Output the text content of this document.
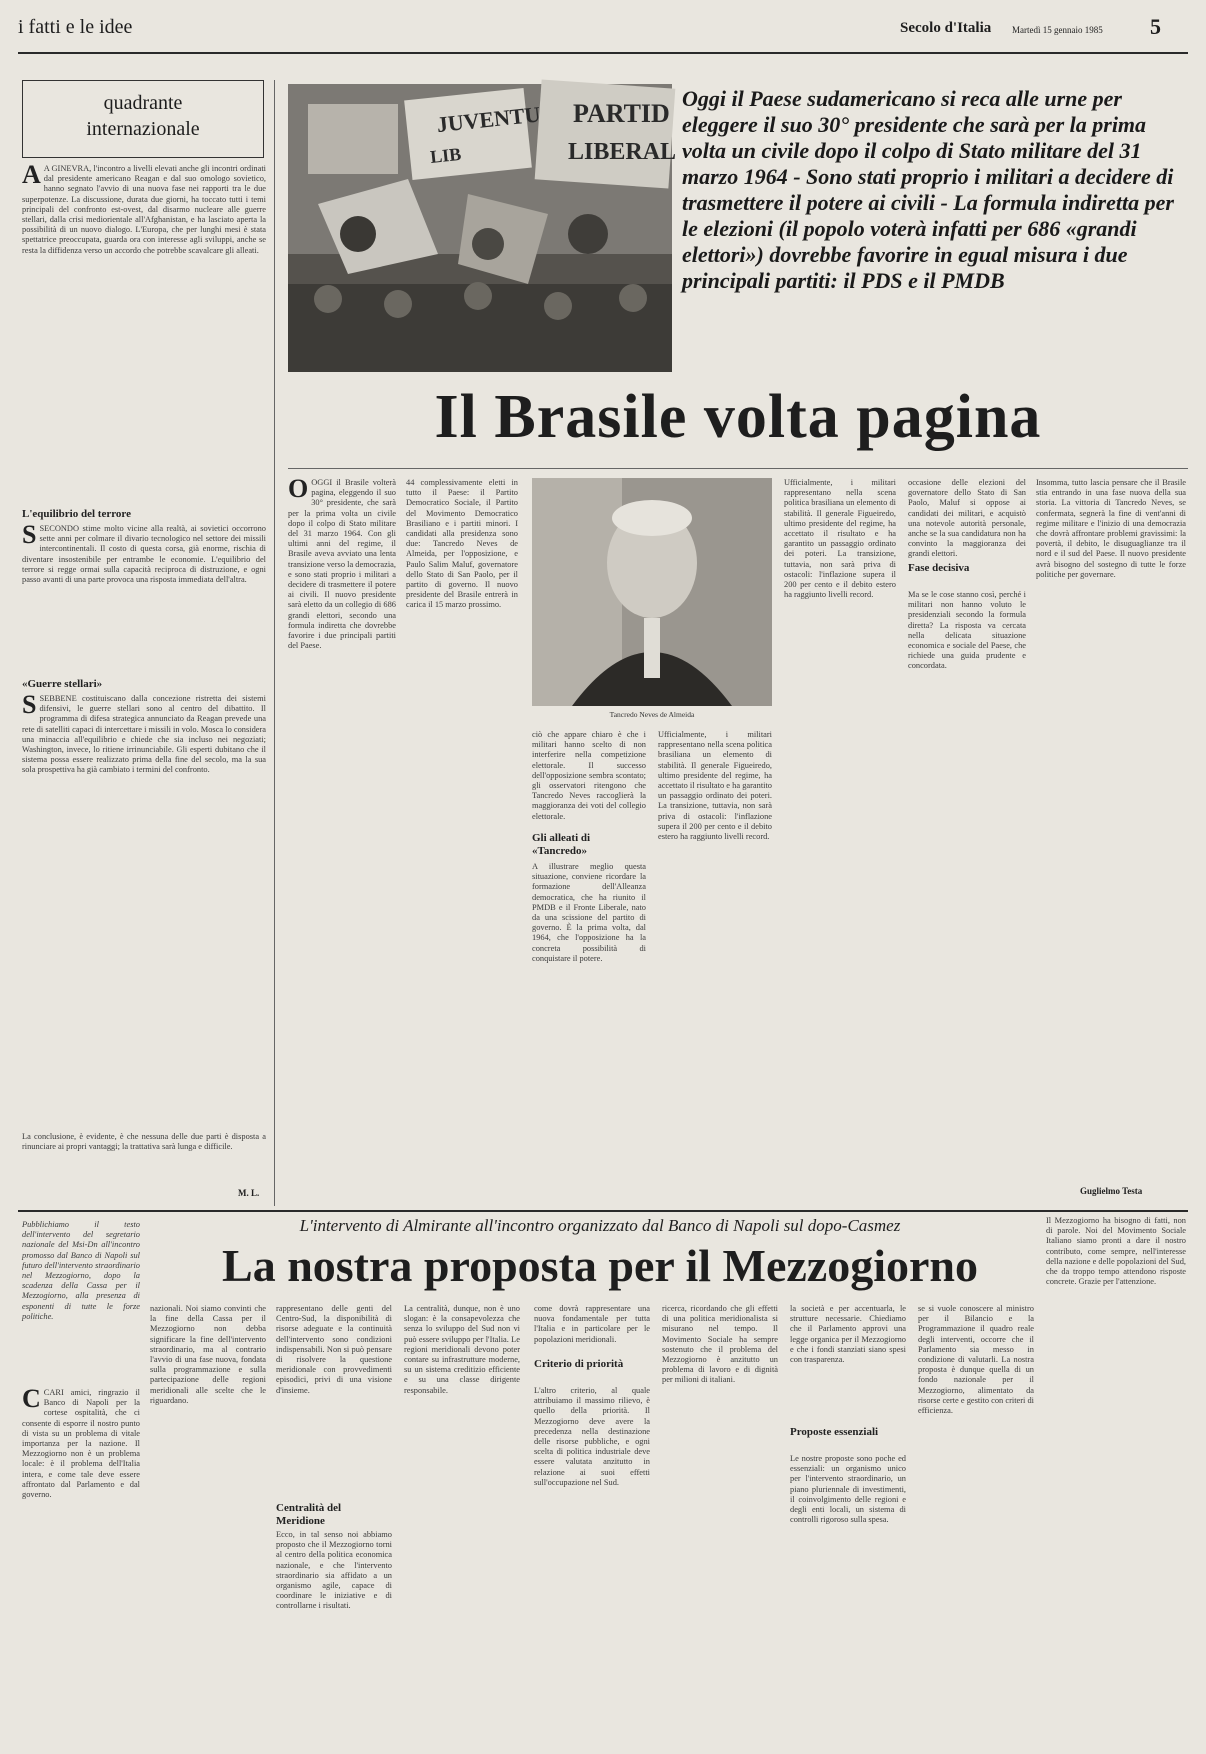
i fatti e le idee	Secolo d'Italia Martedì 15 gennaio 1985	5
quadrante internazionale
A A GINEVRA, l'incontro a livelli elevati anche gli incontri ordinati dal presidente americano Reagan e dal suo omologo sovietico, hanno segnato l'avvio di una nuova fase nei rapporti tra le due superpotenze. La discussione, durata due giorni, ha toccato tutti i temi principali del confronto est-ovest, dal disarmo nucleare alle guerre stellari, dalla crisi mediorientale all'Afghanistan, e ha lasciato aperta la possibilità di un nuovo dialogo. L'Europa, che per lunghi mesi è stata spettatrice preoccupata, guarda ora con interesse agli sviluppi, anche se resta la diffidenza verso un accordo che potrebbe scavalcare gli alleati.
L'equilibrio del terrore
SSECONDO stime molto vicine alla realtà, ai sovietici occorrono sette anni per colmare il divario tecnologico nel settore dei missili intercontinentali. Il costo di questa corsa, già enorme, rischia di diventare insostenibile per entrambe le economie. L'equilibrio del terrore si regge ormai sulla capacità reciproca di distruzione, e ogni passo avanti di una parte provoca una risposta immediata dell'altra.
«Guerre stellari»
SSEBBENE costituiscano dalla concezione ristretta dei sistemi difensivi, le guerre stellari sono al centro del dibattito. Il programma di difesa strategica annunciato da Reagan prevede una rete di satelliti capaci di intercettare i missili in volo. Mosca lo considera una minaccia all'equilibrio e chiede che sia incluso nei negoziati; Washington, invece, lo ritiene irrinunciabile. Gli esperti dubitano che il sistema possa essere realizzato prima della fine del secolo, ma la sua sola prospettiva ha già cambiato i termini del confronto.
La conclusione, è evidente, è che nessuna delle due parti è disposta a rinunciare ai propri vantaggi; la trattativa sarà lunga e difficile.
M. L.
JUVENTU
LIB
PARTID
LIBERAL
Oggi il Paese sudamericano si reca alle urne per eleggere il suo 30° presidente che sarà per la prima volta un civile dopo il colpo di Stato militare del 31 marzo 1964 - Sono stati proprio i militari a decidere di trasmettere il potere ai civili - La formula indiretta per le elezioni (il popolo voterà infatti per 686 «grandi elettori») dovrebbe favorire in egual misura i due principali partiti: il PDS e il PMDB
Il Brasile volta pagina
OOGGI il Brasile volterà pagina, eleggendo il suo 30° presidente, che sarà per la prima volta un civile dopo il colpo di Stato militare del 31 marzo 1964. Con gli ultimi anni del regime, il Brasile aveva avviato una lenta transizione verso la democrazia, e sono stati proprio i militari a decidere di trasmettere il potere ai civili. Il nuovo presidente sarà eletto da un collegio di 686 grandi elettori, secondo una formula indiretta che dovrebbe favorire i due principali partiti del Paese.
44 complessivamente eletti in tutto il Paese: il Partito Democratico Sociale, il Partito del Movimento Democratico Brasiliano e i partiti minori. I candidati alla presidenza sono due: Tancredo Neves de Almeida, per l'opposizione, e Paulo Salim Maluf, governatore dello Stato di San Paolo, per il partito di governo. Il nuovo presidente del Brasile entrerà in carica il 15 marzo prossimo.
Tancredo Neves de Almeida
ciò che appare chiaro è che i militari hanno scelto di non interferire nella competizione elettorale. Il successo dell'opposizione sembra scontato; gli osservatori ritengono che Tancredo Neves raccoglierà la maggioranza dei voti del collegio elettorale.
Gli alleati di «Tancredo»
A illustrare meglio questa situazione, conviene ricordare la formazione dell'Alleanza democratica, che ha riunito il PMDB e il Fronte Liberale, nato da una scissione del partito di governo. È la prima volta, dal 1964, che l'opposizione ha la concreta possibilità di conquistare il potere.
Ufficialmente, i militari rappresentano nella scena politica brasiliana un elemento di stabilità. Il generale Figueiredo, ultimo presidente del regime, ha accettato il risultato e ha garantito un passaggio ordinato dei poteri. La transizione, tuttavia, non sarà priva di ostacoli: l'inflazione supera il 200 per cento e il debito estero ha raggiunto livelli record.
Ufficialmente, i militari rappresentano nella scena politica brasiliana un elemento di stabilità. Il generale Figueiredo, ultimo presidente del regime, ha accettato il risultato e ha garantito un passaggio ordinato dei poteri. La transizione, tuttavia, non sarà priva di ostacoli: l'inflazione supera il 200 per cento e il debito estero ha raggiunto livelli record.
occasione delle elezioni del governatore dello Stato di San Paolo, Maluf si oppose ai candidati dei militari, e acquistò una notevole autorità personale, anche se la sua candidatura non ha convinto la maggioranza dei grandi elettori.
Fase decisiva
Ma se le cose stanno così, perché i militari non hanno voluto le presidenziali secondo la formula diretta? La risposta va cercata nella delicata situazione economica e sociale del Paese, che richiede una guida prudente e concordata.
Insomma, tutto lascia pensare che il Brasile stia entrando in una fase nuova della sua storia. La vittoria di Tancredo Neves, se confermata, segnerà la fine di vent'anni di regime militare e l'inizio di una democrazia che dovrà affrontare problemi gravissimi: la povertà, il debito, le disuguaglianze tra il nord e il sud del Paese. Il nuovo presidente avrà bisogno del sostegno di tutte le forze politiche per governare.
Guglielmo Testa
L'intervento di Almirante all'incontro organizzato dal Banco di Napoli sul dopo-Casmez
La nostra proposta per il Mezzogiorno
Pubblichiamo il testo dell'intervento del segretario nazionale del Msi-Dn all'incontro promosso dal Banco di Napoli sul futuro dell'intervento straordinario nel Mezzogiorno, dopo la scadenza della Cassa per il Mezzogiorno, alla presenza di esponenti di tutte le forze politiche.
CCARI amici, ringrazio il Banco di Napoli per la cortese ospitalità, che ci consente di esporre il nostro punto di vista su un problema di vitale importanza per la nazione. Il Mezzogiorno non è un problema locale: è il problema dell'Italia intera, e come tale deve essere affrontato dal Parlamento e dal governo.
nazionali. Noi siamo convinti che la fine della Cassa per il Mezzogiorno non debba significare la fine dell'intervento straordinario, ma al contrario l'avvio di una fase nuova, fondata sulla programmazione e sulla partecipazione delle regioni meridionali alle scelte che le riguardano.
rappresentano delle genti del Centro-Sud, la disponibilità di risorse adeguate e la continuità dell'intervento sono condizioni indispensabili. Non si può pensare di risolvere la questione meridionale con provvedimenti episodici, privi di una visione d'insieme.
Centralità del Meridione
Ecco, in tal senso noi abbiamo proposto che il Mezzogiorno torni al centro della politica economica nazionale, e che l'intervento straordinario sia affidato a un organismo agile, capace di coordinare le iniziative e di controllarne i risultati.
La centralità, dunque, non è uno slogan: è la consapevolezza che senza lo sviluppo del Sud non vi può essere sviluppo per l'Italia. Le regioni meridionali devono poter contare su infrastrutture moderne, su un sistema creditizio efficiente e su una classe dirigente responsabile.
come dovrà rappresentare una nuova fondamentale per tutta l'Italia e in particolare per le popolazioni meridionali.
Criterio di priorità
L'altro criterio, al quale attribuiamo il massimo rilievo, è quello della priorità. Il Mezzogiorno deve avere la precedenza nella destinazione delle risorse pubbliche, e ogni scelta di politica industriale deve essere valutata anzitutto in relazione ai suoi effetti sull'occupazione nel Sud.
ricerca, ricordando che gli effetti di una politica meridionalista si misurano nel tempo. Il Movimento Sociale ha sempre sostenuto che il problema del Mezzogiorno è anzitutto un problema di lavoro e di dignità per milioni di italiani.
la società e per accentuarla, le strutture necessarie. Chiediamo che il Parlamento approvi una legge organica per il Mezzogiorno e che i fondi stanziati siano spesi con trasparenza.
Proposte essenziali
Le nostre proposte sono poche ed essenziali: un organismo unico per l'intervento straordinario, un piano pluriennale di investimenti, il coinvolgimento delle regioni e degli enti locali, un sistema di controlli rigoroso sulla spesa.
se si vuole conoscere al ministro per il Bilancio e la Programmazione il quadro reale degli interventi, occorre che il Parlamento sia messo in condizione di valutarli. La nostra proposta è dunque quella di un fondo nazionale per il Mezzogiorno, alimentato da risorse certe e gestito con criteri di efficienza.
Il Mezzogiorno ha bisogno di fatti, non di parole. Noi del Movimento Sociale Italiano siamo pronti a dare il nostro contributo, come sempre, nell'interesse della nazione e delle popolazioni del Sud, che da troppo tempo attendono risposte concrete. Grazie per l'attenzione.
